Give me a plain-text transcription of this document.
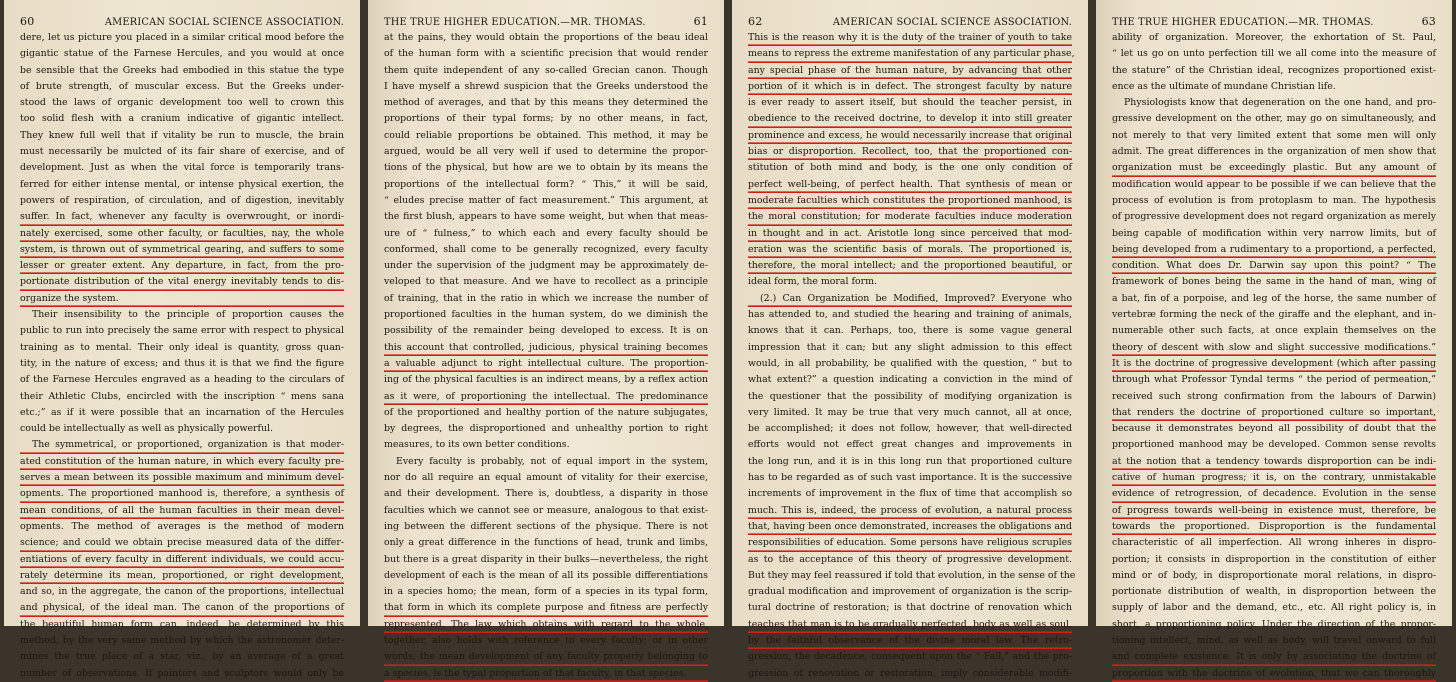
60	AMERICAN SOCIAL SCIENCE ASSOCIATION.
dere, let us picture you placed in a similar critical mood before the
gigantic statue of the Farnese Hercules, and you would at once
be sensible that the Greeks had embodied in this statue the type
of brute strength, of muscular excess. But the Greeks under-
stood the laws of organic development too well to crown this
too solid flesh with a cranium indicative of gigantic intellect.
They knew full well that if vitality be run to muscle, the brain
must necessarily be mulcted of its fair share of exercise, and of
development. Just as when the vital force is temporarily trans-
ferred for either intense mental, or intense physical exertion, the
powers of respiration, of circulation, and of digestion, inevitably
suffer. In fact, whenever any faculty is overwrought, or inordi-
nately exercised, some other faculty, or faculties, nay, the whole
system, is thrown out of symmetrical gearing, and suffers to some
lesser or greater extent. Any departure, in fact, from the pro-
portionate distribution of the vital energy inevitably tends to dis-
organize the system.
Their insensibility to the principle of proportion causes the
public to run into precisely the same error with respect to physical
training as to mental. Their only ideal is quantity, gross quan-
tity, in the nature of excess; and thus it is that we find the figure
of the Farnese Hercules engraved as a heading to the circulars of
their Athletic Clubs, encircled with the inscription “ mens sana
etc.;” as if it were possible that an incarnation of the Hercules
could be intellectually as well as physically powerful.
The symmetrical, or proportioned, organization is that moder-
ated constitution of the human nature, in which every faculty pre-
serves a mean between its possible maximum and minimum devel-
opments. The proportioned manhood is, therefore, a synthesis of
mean conditions, of all the human faculties in their mean devel-
opments. The method of averages is the method of modern
science; and could we obtain precise measured data of the differ-
entiations of every faculty in different individuals, we could accu-
rately determine its mean, proportioned, or right development,
and so, in the aggregate, the canon of the proportions, intellectual
and physical, of the ideal man. The canon of the proportions of
the beautiful human form can, indeed, be determined by this
method, by the very same method by which the astronomer deter-
mines the true place of a star, viz., by an average of a great
number of observations. If painters and sculptors would only be
THE TRUE HIGHER EDUCATION.—MR. THOMAS.	61
at the pains, they would obtain the proportions of the beau ideal
of the human form with a scientific precision that would render
them quite independent of any so-called Grecian canon. Though
I have myself a shrewd suspicion that the Greeks understood the
method of averages, and that by this means they determined the
proportions of their typal forms; by no other means, in fact,
could reliable proportions be obtained. This method, it may be
argued, would be all very well if used to determine the propor-
tions of the physical, but how are we to obtain by its means the
proportions of the intellectual form? “ This,” it will be said,
“ eludes precise matter of fact measurement.” This argument, at
the first blush, appears to have some weight, but when that meas-
ure of “ fulness,” to which each and every faculty should be
conformed, shall come to be generally recognized, every faculty
under the supervision of the judgment may be approximately de-
veloped to that measure. And we have to recollect as a principle
of training, that in the ratio in which we increase the number of
proportioned faculties in the human system, do we diminish the
possibility of the remainder being developed to excess. It is on
this account that controlled, judicious, physical training becomes
a valuable adjunct to right intellectual culture. The proportion-
ing of the physical faculties is an indirect means, by a reflex action
as it were, of proportioning the intellectual. The predominance
of the proportioned and healthy portion of the nature subjugates,
by degrees, the disproportioned and unhealthy portion to right
measures, to its own better conditions.
Every faculty is probably, not of equal import in the system,
nor do all require an equal amount of vitality for their exercise,
and their development. There is, doubtless, a disparity in those
faculties which we cannot see or measure, analogous to that exist-
ing between the different sections of the physique. There is not
only a great difference in the functions of head, trunk and limbs,
but there is a great disparity in their bulks—nevertheless, the right
development of each is the mean of all its possible differentiations
in a species homo; the mean, form of a species in its typal form,
that form in which its complete purpose and fitness are perfectly
represented. The law which obtains with regard to the whole,
together, also holds with reference to every faculty; or in other
words, the mean development of any faculty properly belonging to
a species, is the typal proportion of that faculty, in that species.
62	AMERICAN SOCIAL SCIENCE ASSOCIATION.
This is the reason why it is the duty of the trainer of youth to take
means to repress the extreme manifestation of any particular phase,
any special phase of the human nature, by advancing that other
portion of it which is in defect. The strongest faculty by nature
is ever ready to assert itself, but should the teacher persist, in
obedience to the received doctrine, to develop it into still greater
prominence and excess, he would necessarily increase that original
bias or disproportion. Recollect, too, that the proportioned con-
stitution of both mind and body, is the one only condition of
perfect well-being, of perfect health. That synthesis of mean or
moderate faculties which constitutes the proportioned manhood, is
the moral constitution; for moderate faculties induce moderation
in thought and in act. Aristotle long since perceived that mod-
eration was the scientific basis of morals. The proportioned is,
therefore, the moral intellect; and the proportioned beautiful, or
ideal form, the moral form.
(2.) Can Organization be Modified, Improved? Everyone who
has attended to, and studied the hearing and training of animals,
knows that it can. Perhaps, too, there is some vague general
impression that it can; but any slight admission to this effect
would, in all probability, be qualified with the question, “ but to
what extent?” a question indicating a conviction in the mind of
the questioner that the possibility of modifying organization is
very limited. It may be true that very much cannot, all at once,
be accomplished; it does not follow, however, that well-directed
efforts would not effect great changes and improvements in
the long run, and it is in this long run that proportioned culture
has to be regarded as of such vast importance. It is the successive
increments of improvement in the flux of time that accomplish so
much. This is, indeed, the process of evolution, a natural process
that, having been once demonstrated, increases the obligations and
responsibilities of education. Some persons have religious scruples
as to the acceptance of this theory of progressive development.
But they may feel reassured if told that evolution, in the sense of the
gradual modification and improvement of organization is the scrip-
tural doctrine of restoration; is that doctrine of renovation which
teaches that man is to be gradually perfected, body as well as soul,
by the faithful observance of the divine moral law. The retro-
gression, the decadence, consequent upon the “ Fall,” and the pro-
gression of renovation or restoration, imply considerable modifi-
THE TRUE HIGHER EDUCATION.—MR. THOMAS.	63
ability of organization. Moreover, the exhortation of St. Paul,
“ let us go on unto perfection till we all come into the measure of
the stature” of the Christian ideal, recognizes proportioned exist-
ence as the ultimate of mundane Christian life.
Physiologists know that degeneration on the one hand, and pro-
gressive development on the other, may go on simultaneously, and
not merely to that very limited extent that some men will only
admit. The great differences in the organization of men show that
organization must be exceedingly plastic. But any amount of
modification would appear to be possible if we can believe that the
process of evolution is from protoplasm to man. The hypothesis
of progressive development does not regard organization as merely
being capable of modification within very narrow limits, but of
being developed from a rudimentary to a proportiond, a perfected,
condition. What does Dr. Darwin say upon this point? “ The
framework of bones being the same in the hand of man, wing of
a bat, fin of a porpoise, and leg of the horse, the same number of
vertebræ forming the neck of the giraffe and the elephant, and in-
numerable other such facts, at once explain themselves on the
theory of descent with slow and slight successive modifications.”
It is the doctrine of progressive development (which after passing
through what Professor Tyndal terms “ the period of permeation,”
received such strong confirmation from the labours of Darwin)
that renders the doctrine of proportioned culture so important,
because it demonstrates beyond all possibility of doubt that the
proportioned manhood may be developed. Common sense revolts
at the notion that a tendency towards disproportion can be indi-
cative of human progress; it is, on the contrary, unmistakable
evidence of retrogression, of decadence. Evolution in the sense
of progress towards well-being in existence must, therefore, be
towards the proportioned. Disproportion is the fundamental
characteristic of all imperfection. All wrong inheres in dispro-
portion; it consists in disproportion in the constitution of either
mind or of body, in disproportionate moral relations, in dispro-
portionate distribution of wealth, in disproportion between the
supply of labor and the demand, etc., etc. All right policy is, in
short, a proportioning policy. Under the direction of the propor-
tioning intellect, mind, as well as body, will travel onward to full
and complete existence. It is only by associating the doctrine of
proportion with the doctrine of evolution, that we can thoroughly
